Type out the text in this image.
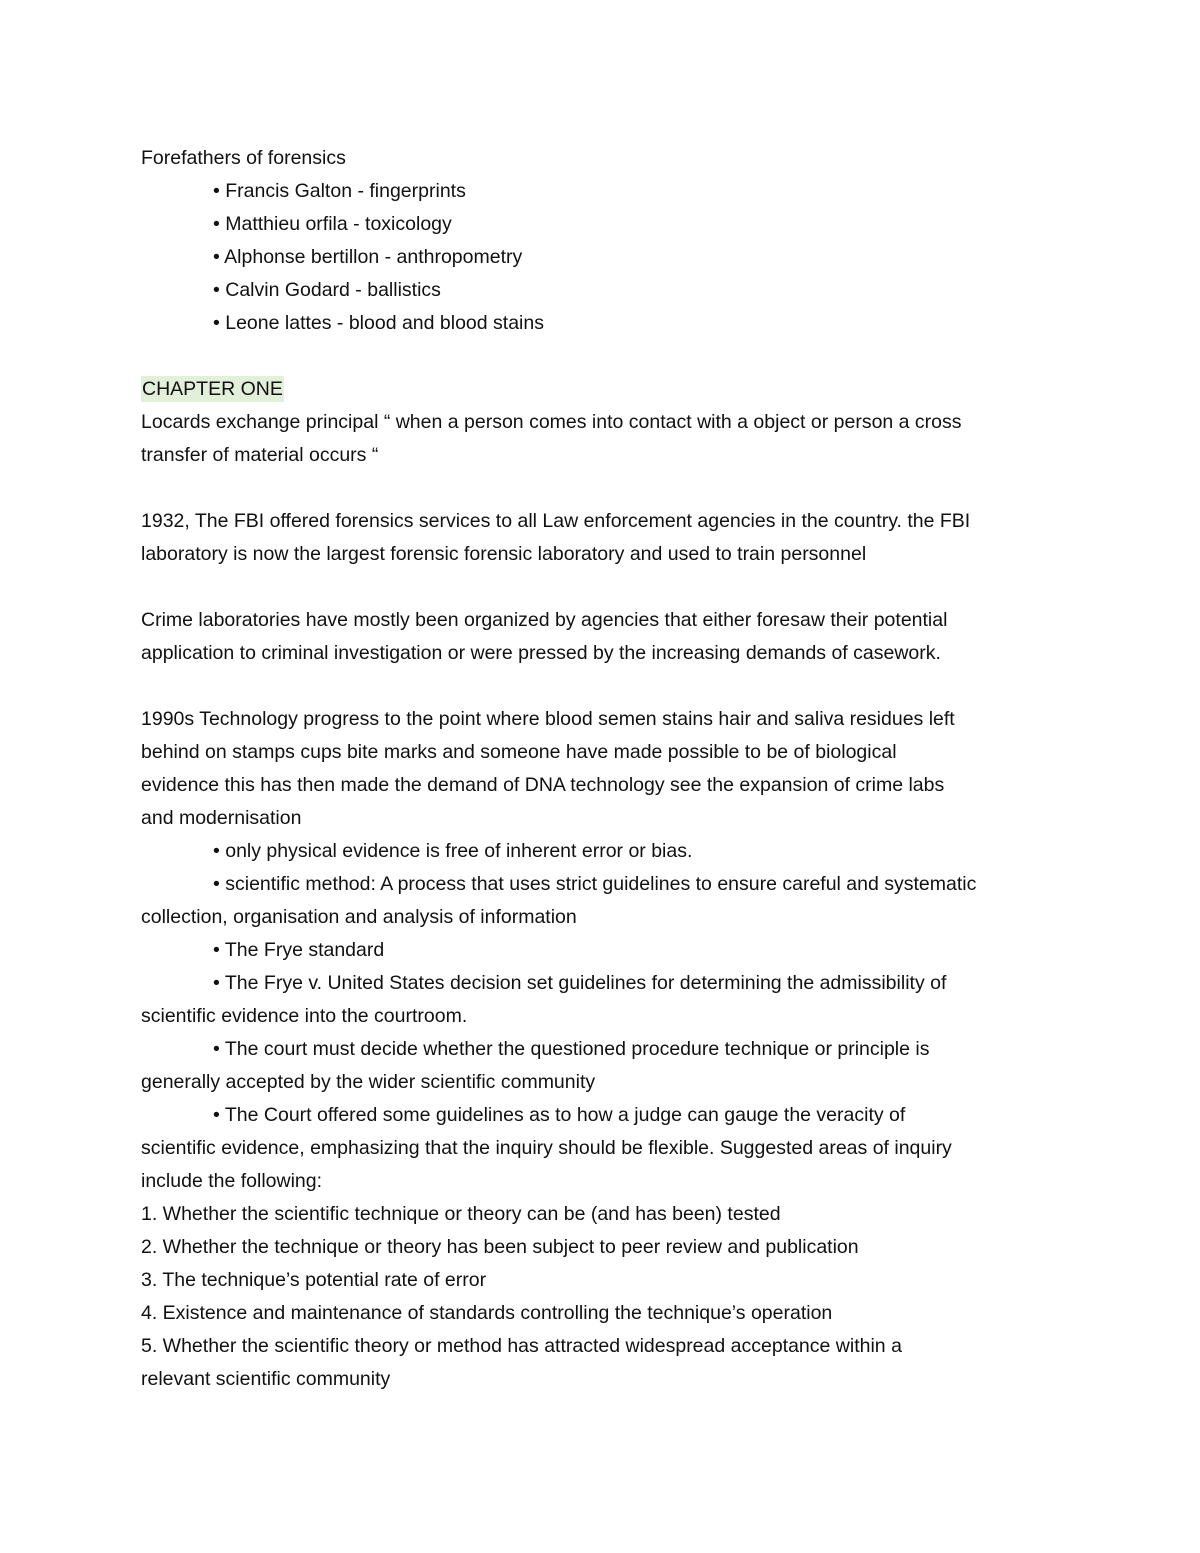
Forefathers of forensics
• Francis Galton - fingerprints
• Matthieu orfila - toxicology
• Alphonse bertillon - anthropometry
• Calvin Godard - ballistics
• Leone lattes - blood and blood stains
CHAPTER ONE
Locards exchange principal “ when a person comes into contact with a object or person a cross
transfer of material occurs “
1932, The FBI offered forensics services to all Law enforcement agencies in the country. the FBI
laboratory is now the largest forensic forensic laboratory and used to train personnel
Crime laboratories have mostly been organized by agencies that either foresaw their potential
application to criminal investigation or were pressed by the increasing demands of casework.
1990s Technology progress to the point where blood semen stains hair and saliva residues left
behind on stamps cups bite marks and someone have made possible to be of biological
evidence this has then made the demand of DNA technology see the expansion of crime labs
and modernisation
• only physical evidence is free of inherent error or bias.
• scientific method: A process that uses strict guidelines to ensure careful and systematic
collection, organisation and analysis of information
• The Frye standard
• The Frye v. United States decision set guidelines for determining the admissibility of
scientific evidence into the courtroom.
• The court must decide whether the questioned procedure technique or principle is
generally accepted by the wider scientific community
• The Court offered some guidelines as to how a judge can gauge the veracity of
scientific evidence, emphasizing that the inquiry should be flexible. Suggested areas of inquiry
include the following:
1. Whether the scientific technique or theory can be (and has been) tested
2. Whether the technique or theory has been subject to peer review and publication
3. The technique’s potential rate of error
4. Existence and maintenance of standards controlling the technique’s operation
5. Whether the scientific theory or method has attracted widespread acceptance within a
relevant scientific community
